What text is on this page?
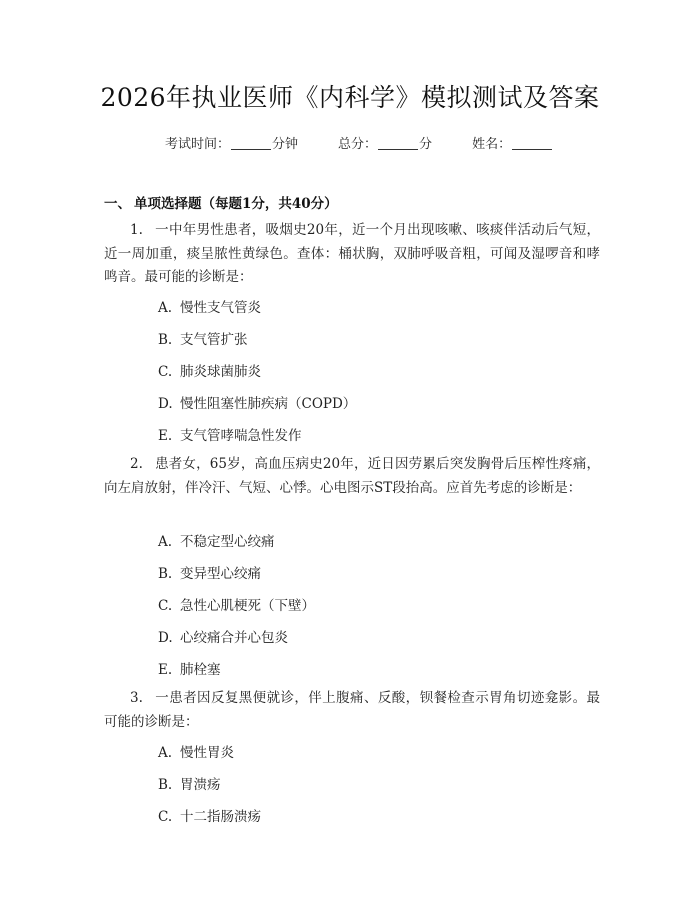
2026年执业医师《内科学》模拟测试及答案
考试时间：	分钟	总分：	分	姓名：
一、 单项选择题（每题1分，共40分）
1. 一中年男性患者，吸烟史20年，近一个月出现咳嗽、咳痰伴活动后气短，近一周加重，痰呈脓性黄绿色。查体：桶状胸，双肺呼吸音粗，可闻及湿啰音和哮鸣音。最可能的诊断是：
A. 慢性支气管炎
B. 支气管扩张
C. 肺炎球菌肺炎
D. 慢性阻塞性肺疾病（COPD）
E. 支气管哮喘急性发作
2. 患者女，65岁，高血压病史20年，近日因劳累后突发胸骨后压榨性疼痛，向左肩放射，伴冷汗、气短、心悸。心电图示ST段抬高。应首先考虑的诊断是：
A. 不稳定型心绞痛
B. 变异型心绞痛
C. 急性心肌梗死（下壁）
D. 心绞痛合并心包炎
E. 肺栓塞
3. 一患者因反复黑便就诊，伴上腹痛、反酸，钡餐检查示胃角切迹龛影。最可能的诊断是：
A. 慢性胃炎
B. 胃溃疡
C. 十二指肠溃疡
